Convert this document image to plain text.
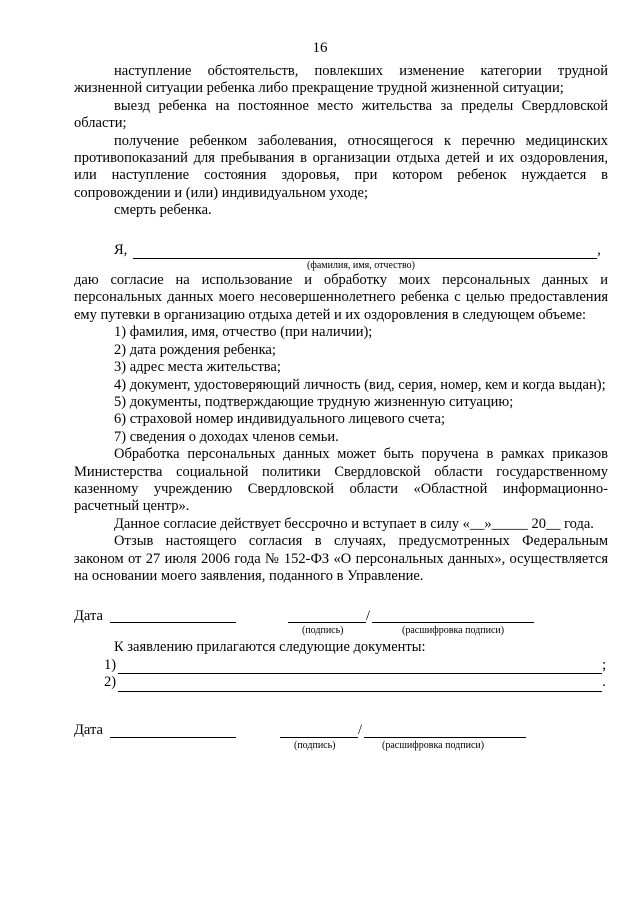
16

наступление обстоятельств, повлекших изменение категории трудной жизненной ситуации ребенка либо прекращение трудной жизненной ситуации;

выезд ребенка на постоянное место жительства за пределы Свердловской области;

получение ребенком заболевания, относящегося к перечню медицинских противопоказаний для пребывания в организации отдыха детей и их оздоровления, или наступление состояния здоровья, при котором ребенок нуждается в сопровождении и (или) индивидуальном уходе;

смерть ребенка.

Я,	,
(фамилия, имя, отчество)

даю согласие на использование и обработку моих персональных данных и персональных данных моего несовершеннолетнего ребенка с целью предоставления ему путевки в организацию отдыха детей и их оздоровления в следующем объеме:

1) фамилия, имя, отчество (при наличии);

2) дата рождения ребенка;

3) адрес места жительства;

4) документ, удостоверяющий личность (вид, серия, номер, кем и когда выдан);

5) документы, подтверждающие трудную жизненную ситуацию;

6) страховой номер индивидуального лицевого счета;

7) сведения о доходах членов семьи.

Обработка персональных данных может быть поручена в рамках приказов Министерства социальной политики Свердловской области государственному казенному учреждению Свердловской области «Областной информационно-расчетный центр».

Данное согласие действует бессрочно и вступает в силу «__»_____ 20__ года.

Отзыв настоящего согласия в случаях, предусмотренных Федеральным законом от 27 июля 2006 года № 152-ФЗ «О персональных данных», осуществляется на основании моего заявления, поданного в Управление.

Дата	/
(подпись)	(расшифровка подписи)

К заявлению прилагаются следующие документы:

1)	;
2)	.
Дата	/
(подпись)	(расшифровка подписи)
